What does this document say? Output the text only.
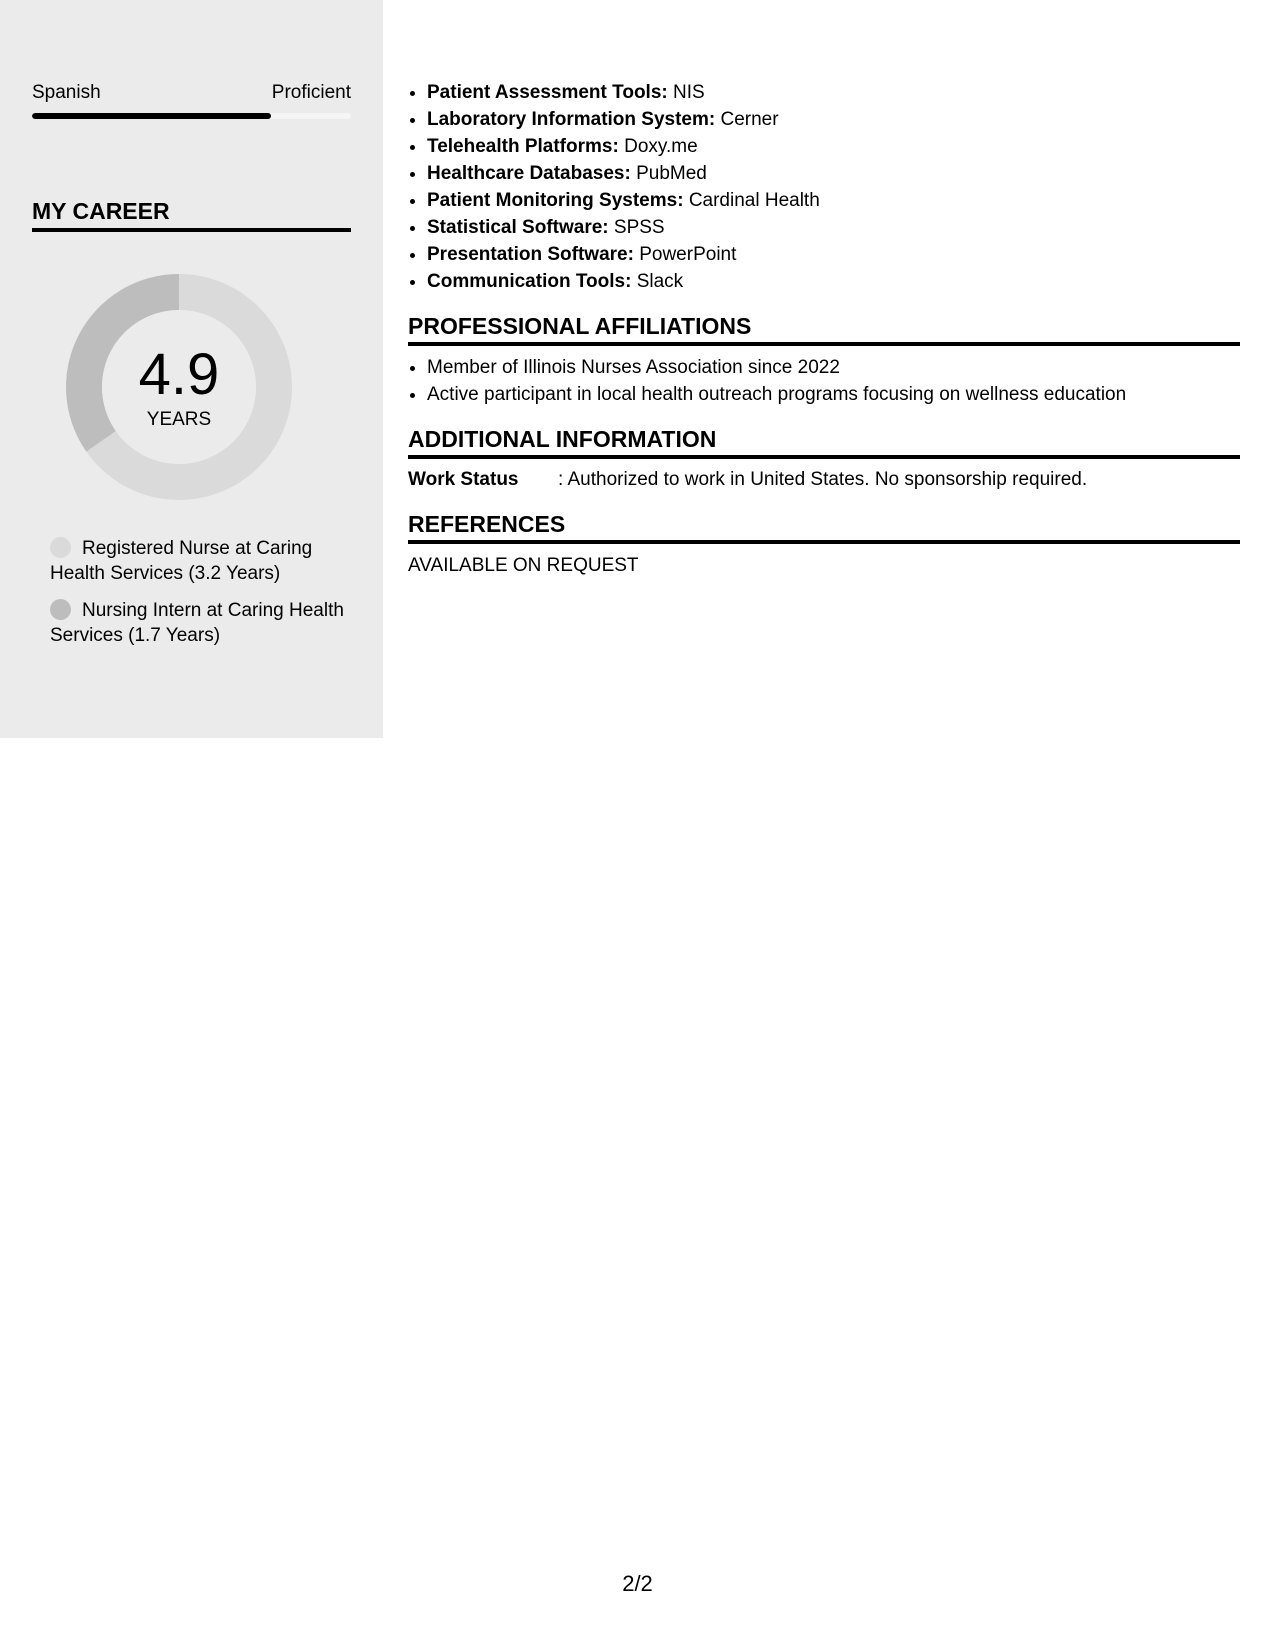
Spanish	Proficient
MY CAREER
4.9
YEARS
Registered Nurse at Caring Health Services (3.2 Years)
Nursing Intern at Caring Health Services (1.7 Years)
• Patient Assessment Tools: NIS
• Laboratory Information System: Cerner
• Telehealth Platforms: Doxy.me
• Healthcare Databases: PubMed
• Patient Monitoring Systems: Cardinal Health
• Statistical Software: SPSS
• Presentation Software: PowerPoint
• Communication Tools: Slack
PROFESSIONAL AFFILIATIONS
• Member of Illinois Nurses Association since 2022
• Active participant in local health outreach programs focusing on wellness education
ADDITIONAL INFORMATION
Work Status	: Authorized to work in United States. No sponsorship required.
REFERENCES
AVAILABLE ON REQUEST
2/2
